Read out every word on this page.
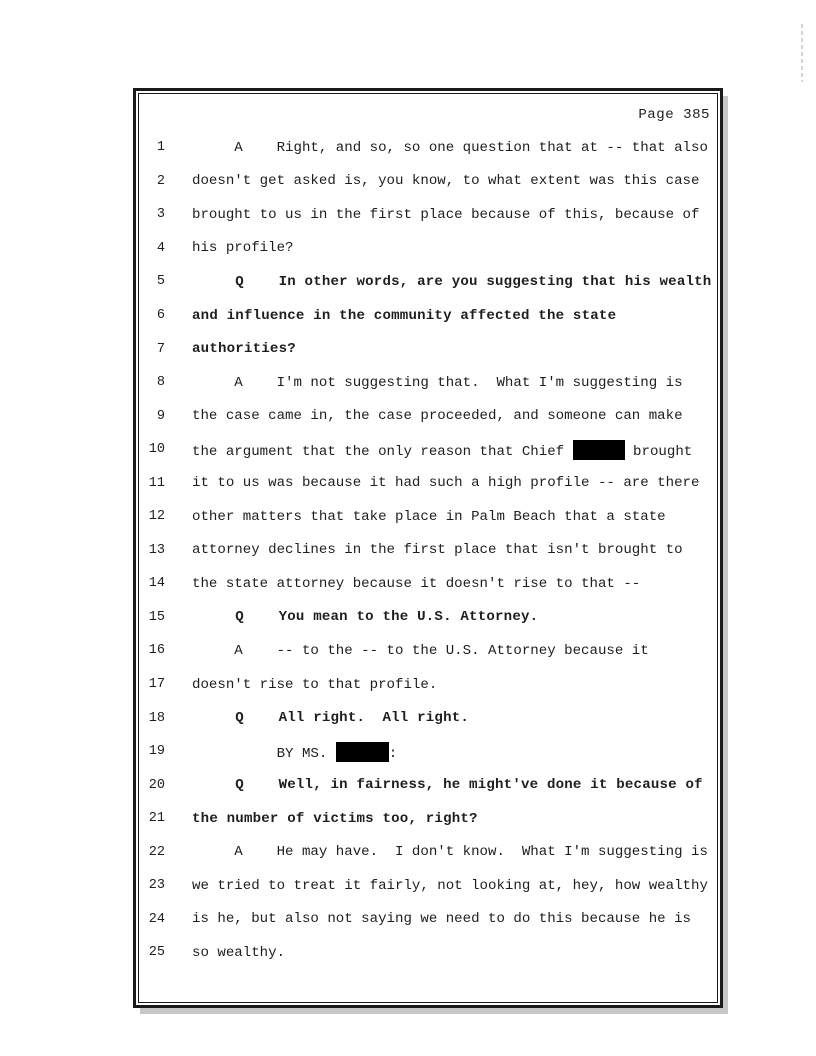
Page 385
1 A    Right, and so, so one question that at -- that also
2 doesn't get asked is, you know, to what extent was this case
3 brought to us in the first place because of this, because of
4 his profile?
5 Q    In other words, are you suggesting that his wealth
6 and influence in the community affected the state
7 authorities?
8 A    I'm not suggesting that.  What I'm suggesting is
9 the case came in, the case proceeded, and someone can make
10 the argument that the only reason that Chief	brought
11 it to us was because it had such a high profile -- are there
12 other matters that take place in Palm Beach that a state
13 attorney declines in the first place that isn't brought to
14 the state attorney because it doesn't rise to that --
15 Q    You mean to the U.S. Attorney.
16 A    -- to the -- to the U.S. Attorney because it
17 doesn't rise to that profile.
18 Q    All right.  All right.
19 BY MS.	:
20 Q    Well, in fairness, he might've done it because of
21 the number of victims too, right?
22 A    He may have.  I don't know.  What I'm suggesting is
23 we tried to treat it fairly, not looking at, hey, how wealthy
24 is he, but also not saying we need to do this because he is
25 so wealthy.
